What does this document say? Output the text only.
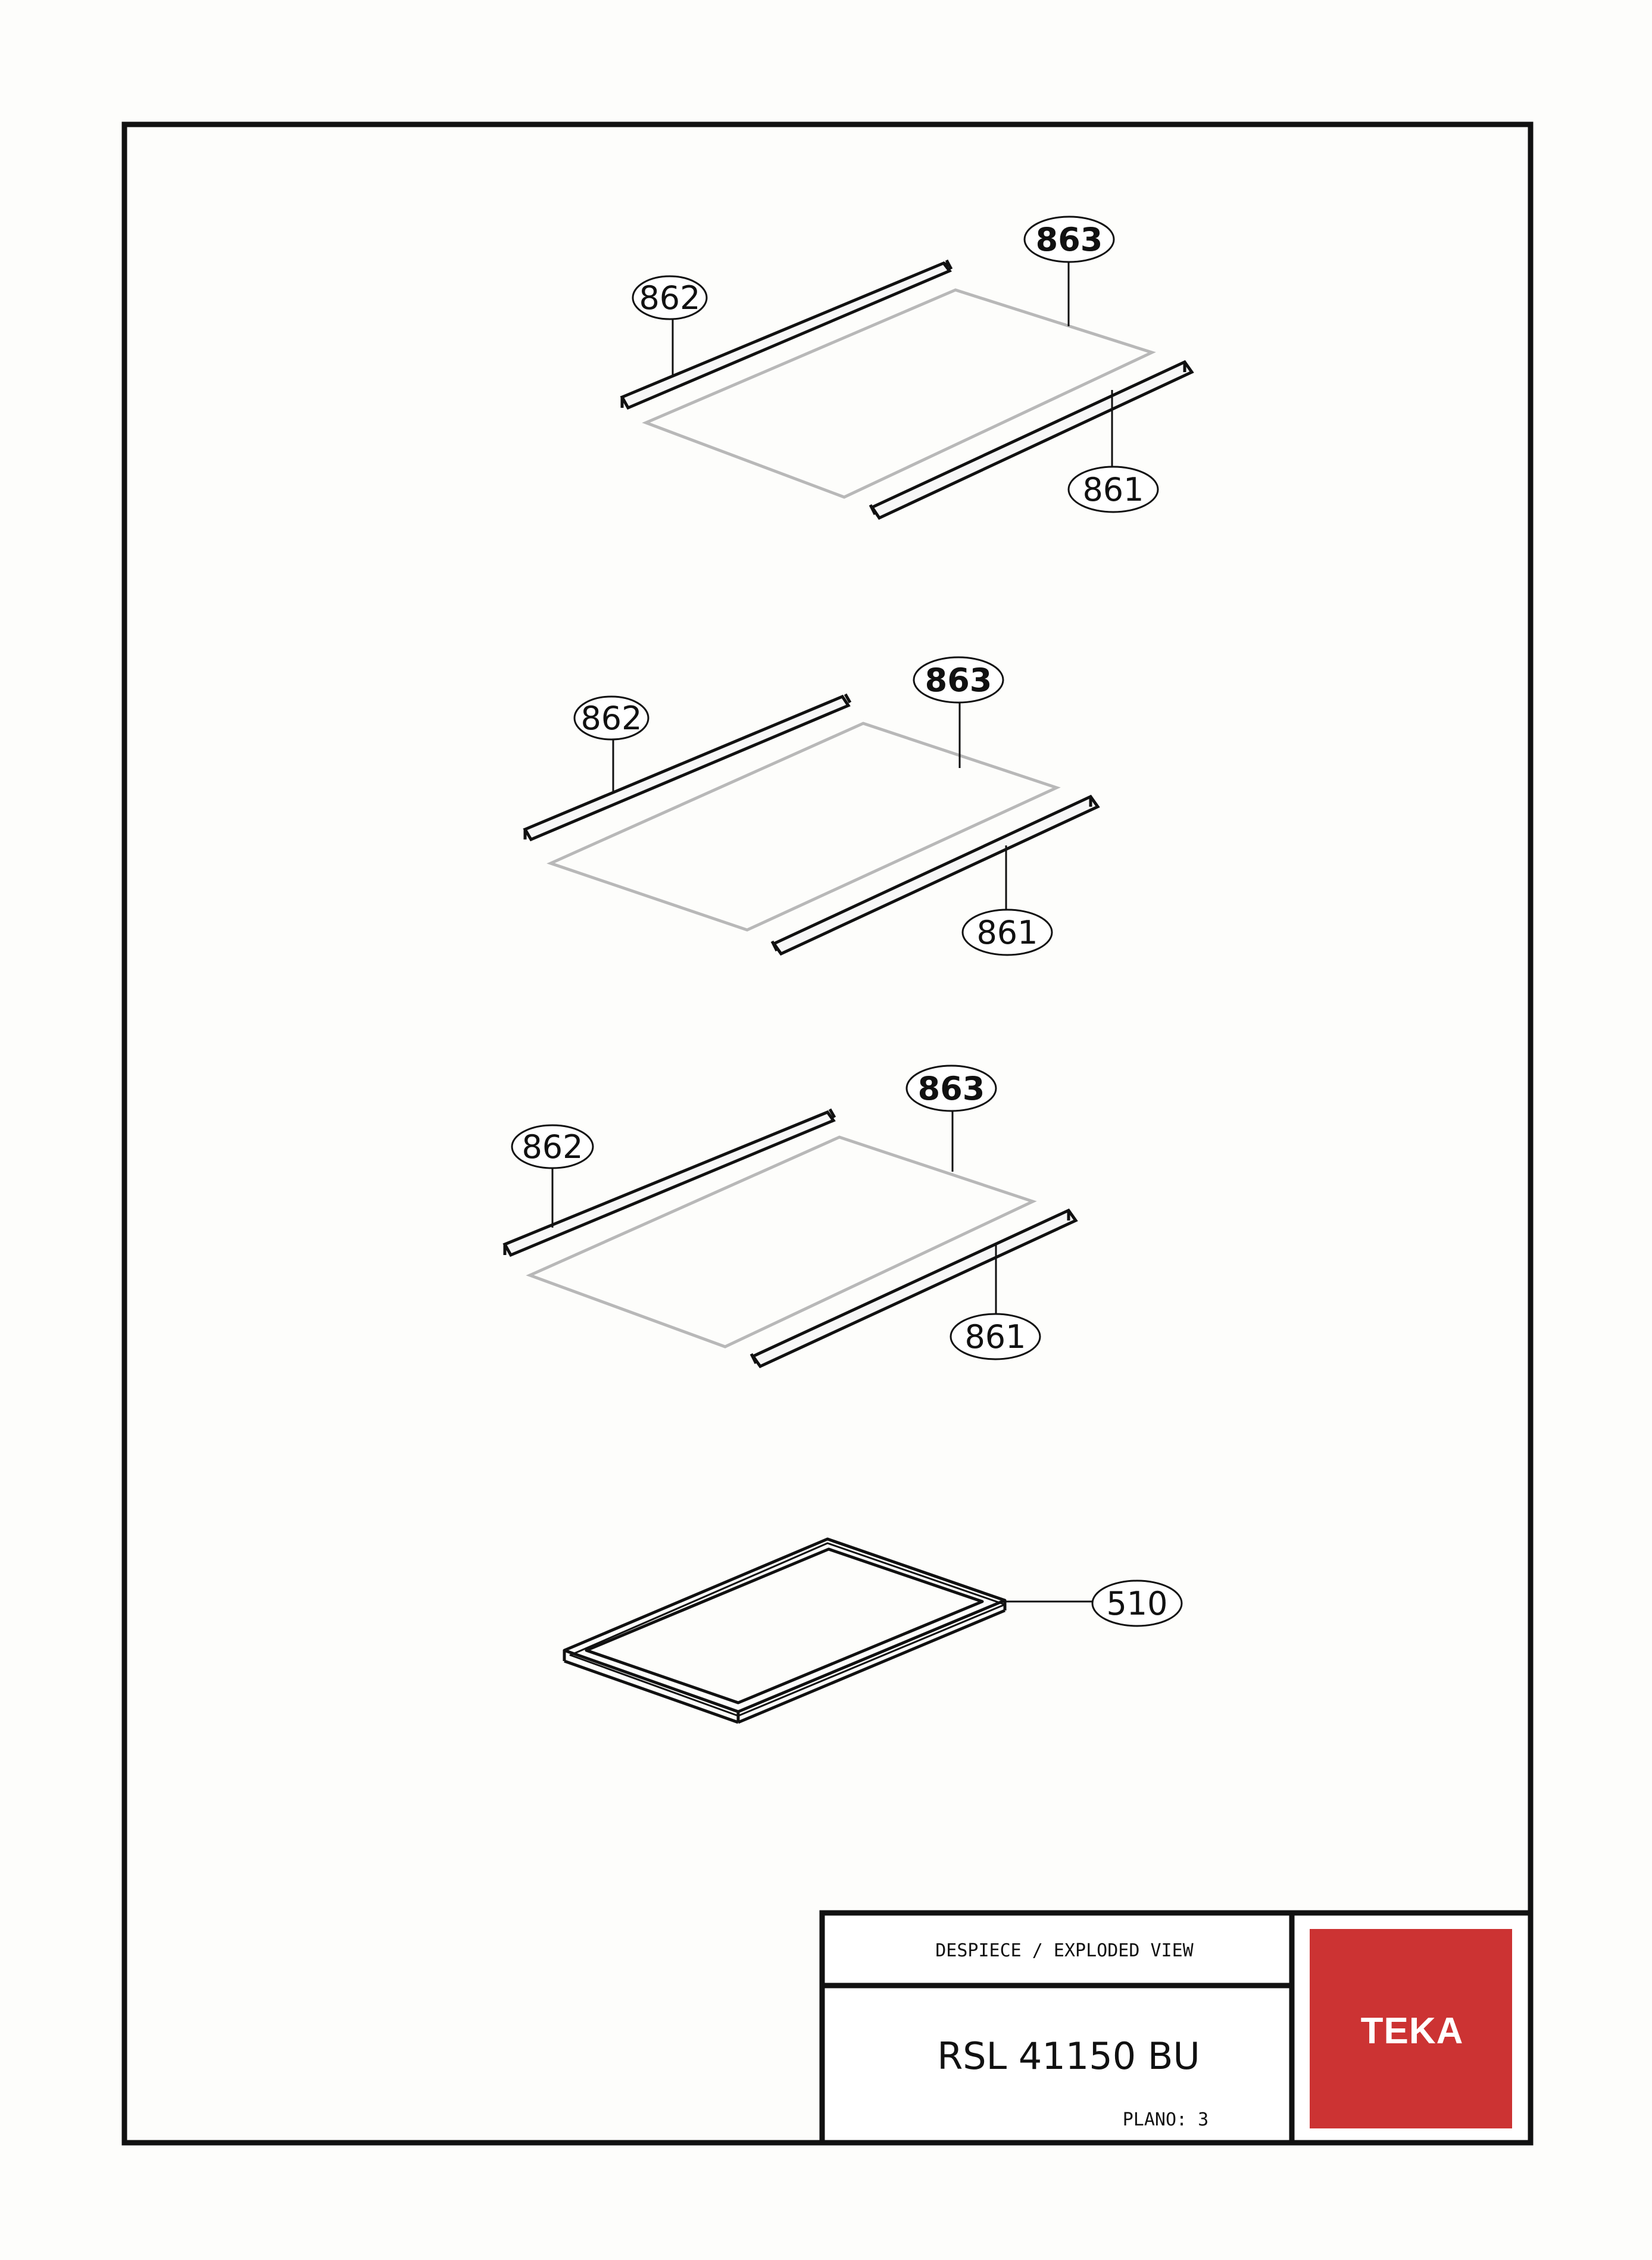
862
863
861
862
863
861
862
863
861
510
DESPIECE / EXPLODED VIEW
RSL 41150 BU
PLANO: 3
TEKA
